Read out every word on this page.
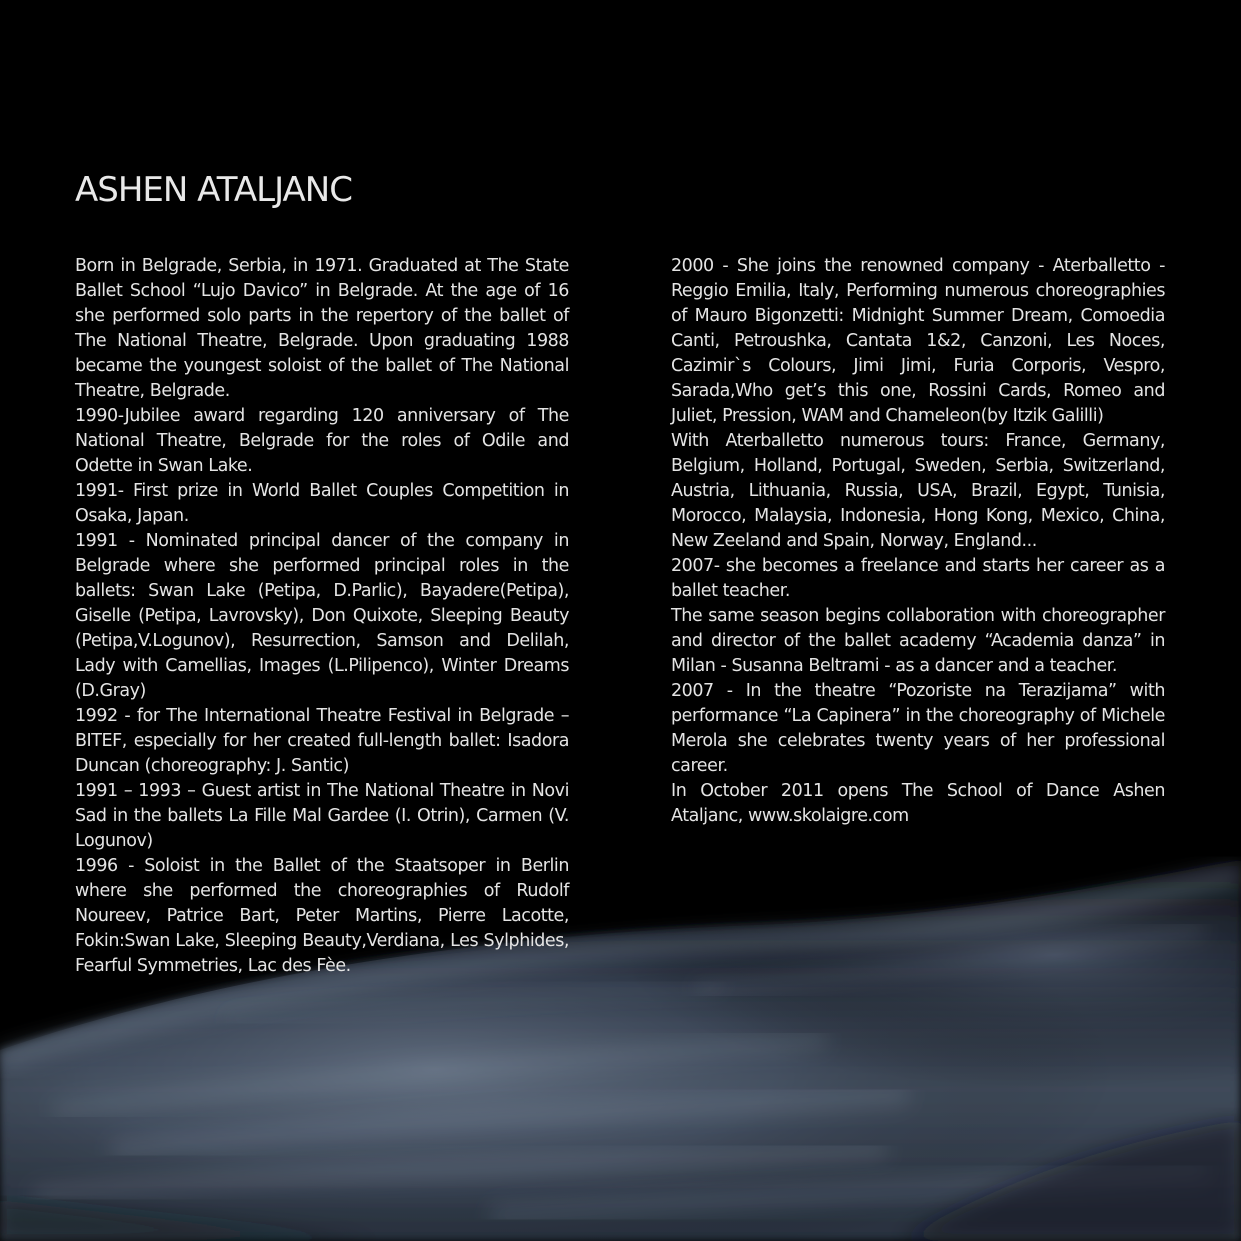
ASHEN ATALJANC

Born in Belgrade, Serbia, in 1971. Graduated at The State Ballet School “Lujo Davico” in Belgrade. At the age of 16 she performed solo parts in the repertory of the ballet of The National Theatre, Belgrade. Upon graduating 1988 became the youngest soloist of the ballet of The National Theatre, Belgrade.

1990-Jubilee award regarding 120 anniversary of The National Theatre, Belgrade for the roles of Odile and Odette in Swan Lake.

1991- First prize in World Ballet Couples Competition in Osaka, Japan.

1991 - Nominated principal dancer of the company in Belgrade where she performed principal roles in the ballets: Swan Lake (Petipa, D.Parlic), Bayadere(Petipa), Giselle (Petipa, Lavrovsky), Don Quixote, Sleeping Beauty (Petipa,V.Logunov), Resurrection, Samson and Delilah, Lady with Camellias, Images (L.Pilipenco), Winter Dreams (D.Gray)

1992 - for The International Theatre Festival in Belgrade – BITEF, especially for her created full-length ballet: Isadora Duncan (choreography: J. Santic)

1991 – 1993 – Guest artist in The National Theatre in Novi Sad in the ballets La Fille Mal Gardee (I. Otrin), Carmen (V. Logunov)

1996 - Soloist in the Ballet of the Staatsoper in Berlin where she performed the choreographies of Rudolf Noureev, Patrice Bart, Peter Martins, Pierre Lacotte, Fokin:Swan Lake, Sleeping Beauty,Verdiana, Les Sylphides, Fearful Symmetries, Lac des Fèe.

2000 - She joins the renowned company - Aterballetto - Reggio Emilia, Italy, Performing numerous choreographies of Mauro Bigonzetti: Midnight Summer Dream, Comoedia Canti, Petroushka, Cantata 1&2, Canzoni, Les Noces, Cazimir`s Colours, Jimi Jimi, Furia Corporis, Vespro, Sarada,Who get’s this one, Rossini Cards, Romeo and Juliet, Pression, WAM and Chameleon(by Itzik Galilli)

With Aterballetto numerous tours: France, Germany, Belgium, Holland, Portugal, Sweden, Serbia, Switzerland, Austria, Lithuania, Russia, USA, Brazil, Egypt, Tunisia, Morocco, Malaysia, Indonesia, Hong Kong, Mexico, China, New Zeeland and Spain, Norway, England...

2007- she becomes a freelance and starts her career as a ballet teacher.

The same season begins collaboration with choreographer and director of the ballet academy “Academia danza” in Milan - Susanna Beltrami - as a dancer and a teacher.

2007 - In the theatre “Pozoriste na Terazijama” with performance “La Capinera” in the choreography of Michele Merola she celebrates twenty years of her professional career.

In October 2011 opens The School of Dance Ashen Ataljanc, www.skolaigre.com
